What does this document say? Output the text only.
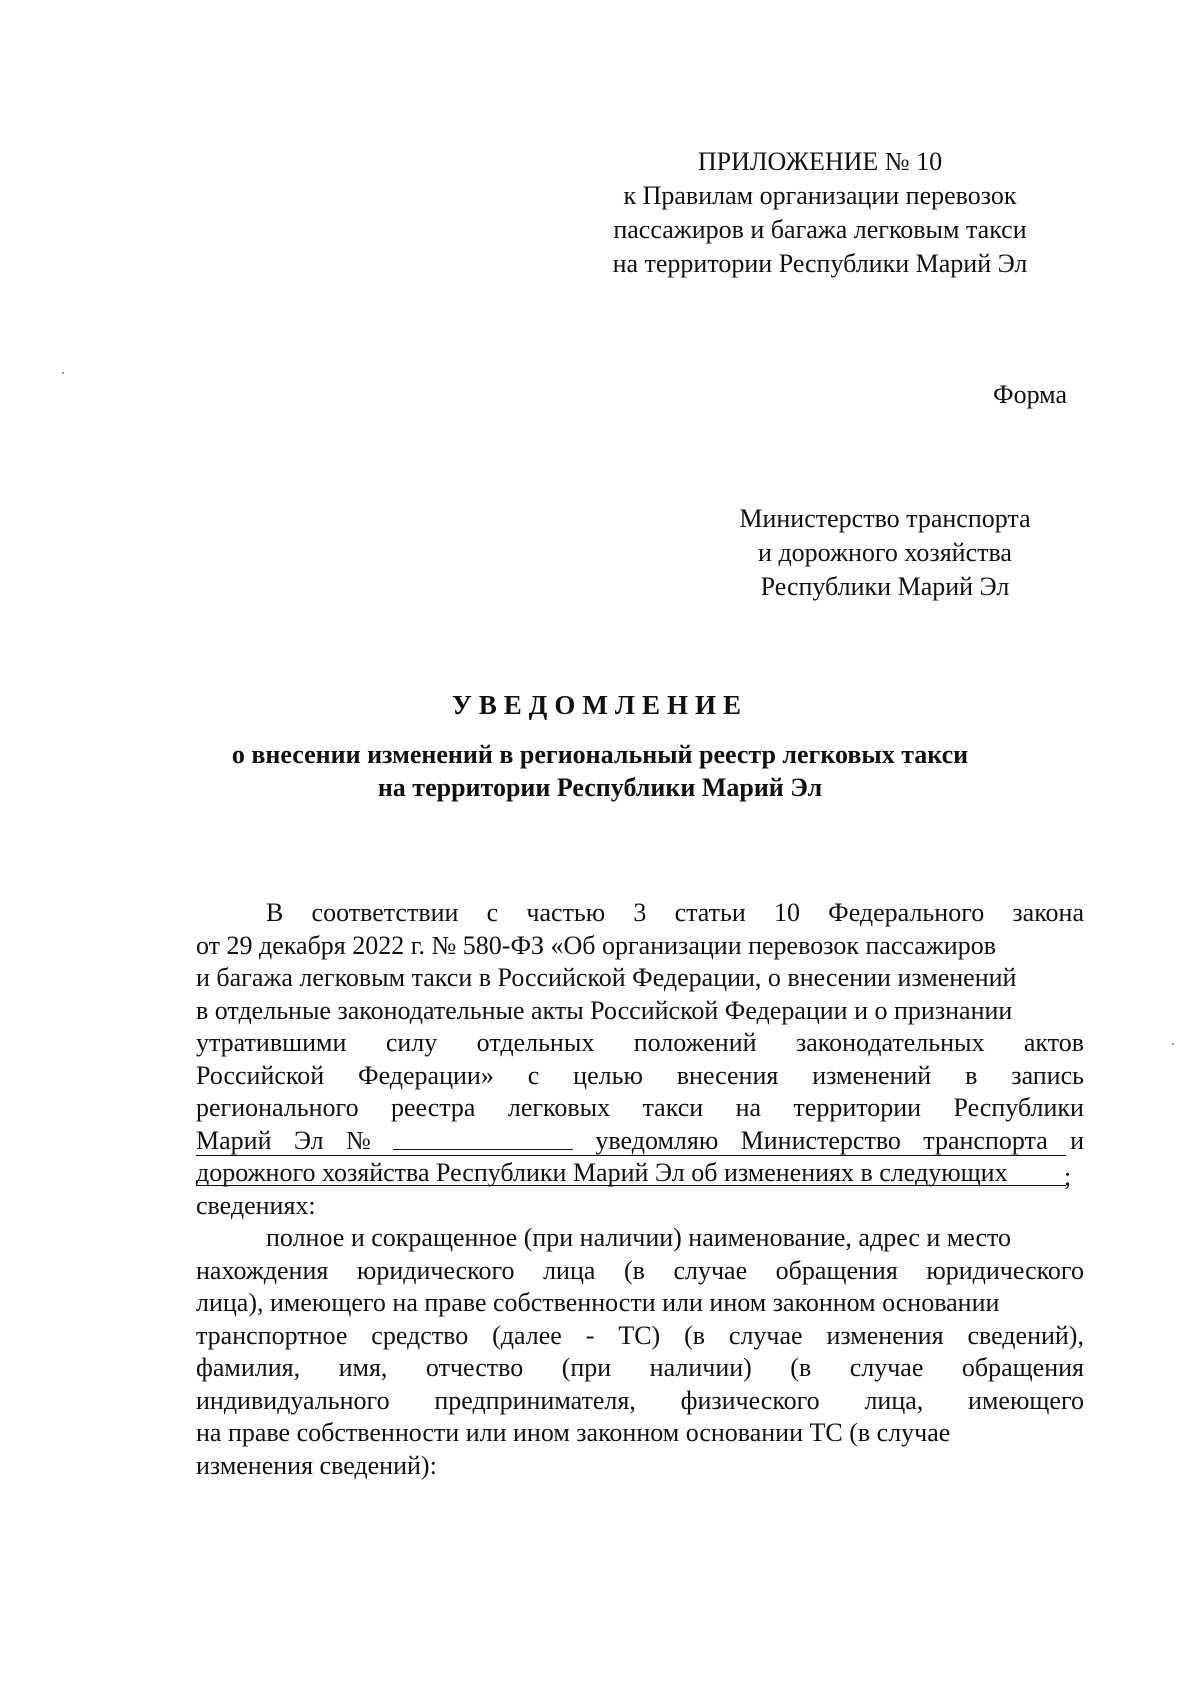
ПРИЛОЖЕНИЕ № 10
к Правилам организации перевозок
пассажиров и багажа легковым такси
на территории Республики Марий Эл
Форма
Министерство транспорта
и дорожного хозяйства
Республики Марий Эл
УВЕДОМЛЕНИЕ
о внесении изменений в региональный реестр легковых такси
на территории Республики Марий Эл
В соответствии с частью 3 статьи 10 Федерального закона
от 29 декабря 2022 г. № 580-ФЗ «Об организации перевозок пассажиров
и багажа легковым такси в Российской Федерации, о внесении изменений
в отдельные законодательные акты Российской Федерации и о признании
утратившими силу отдельных положений законодательных актов
Российской Федерации» с целью внесения изменений в запись
регионального реестра легковых такси на территории Республики
Марий Эл №	уведомляю Министерство транспорта и
дорожного хозяйства Республики Марий Эл об изменениях в следующих
сведениях:
полное и сокращенное (при наличии) наименование, адрес и место
нахождения юридического лица (в случае обращения юридического
лица), имеющего на праве собственности или ином законном основании
транспортное средство (далее - ТС) (в случае изменения сведений),
фамилия, имя, отчество (при наличии) (в случае обращения
индивидуального предпринимателя, физического лица, имеющего
на праве собственности или ином законном основании ТС (в случае
изменения сведений):
;
